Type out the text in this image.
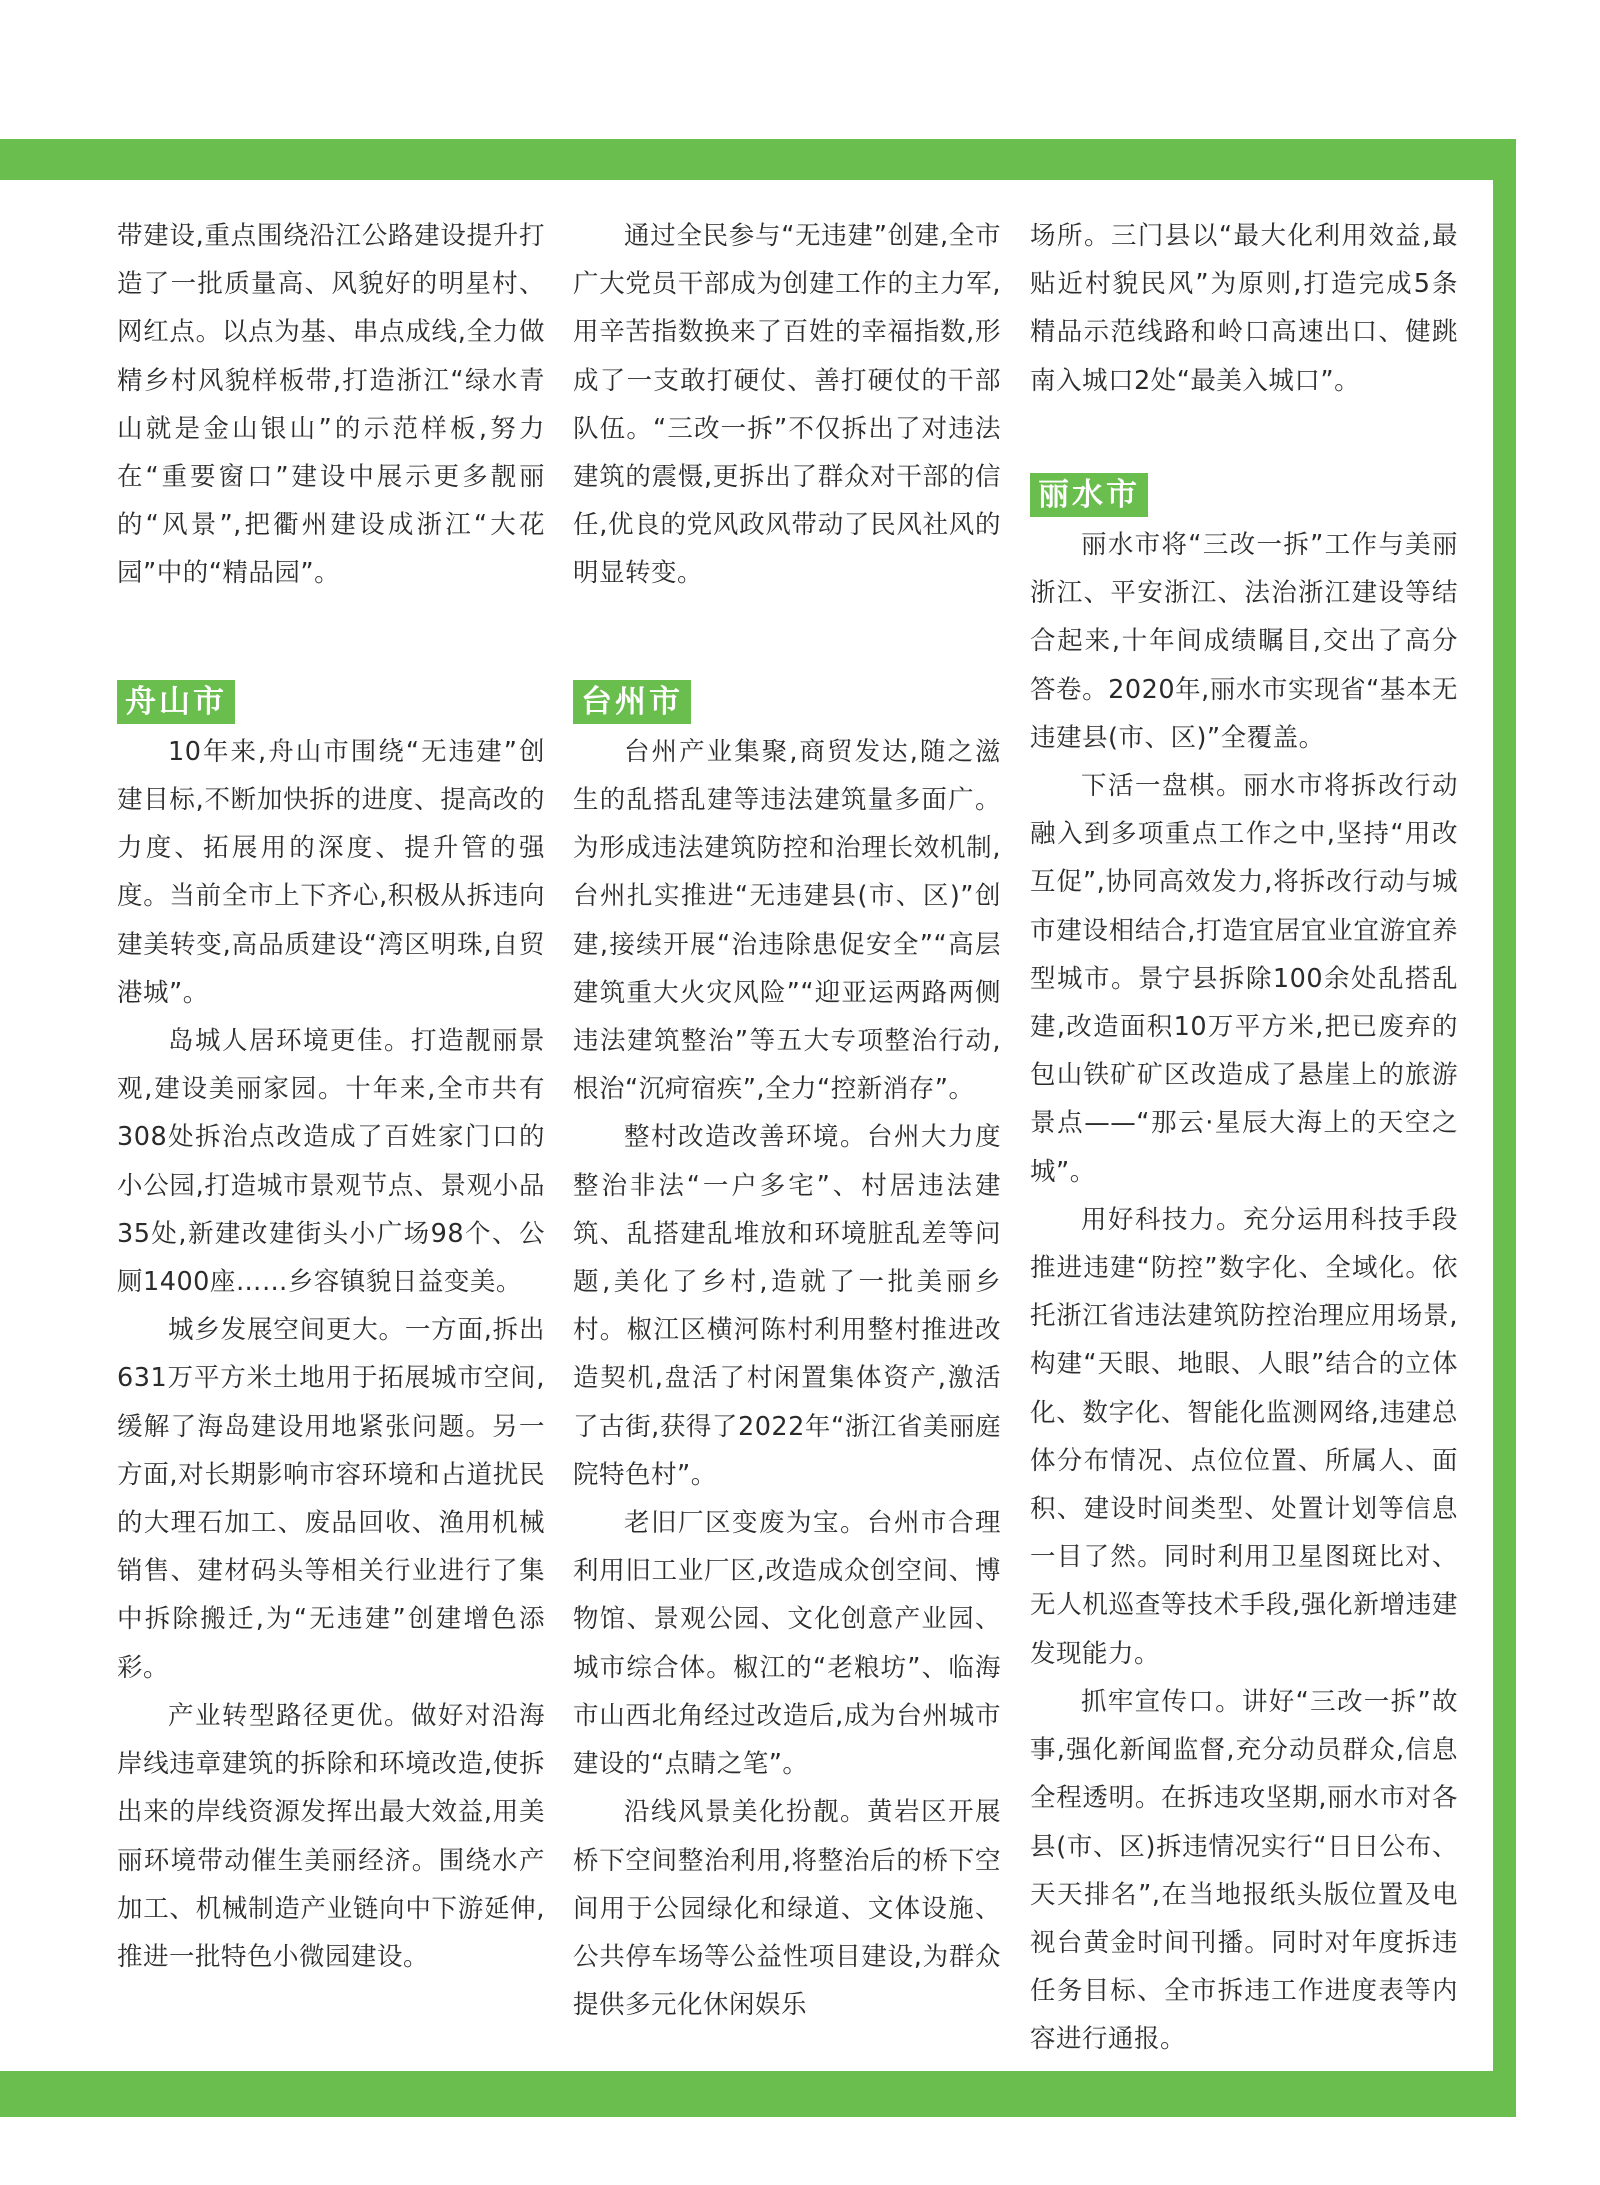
带建设,重点围绕沿江公路建设提升打造了一批质量高、风貌好的明星村、网红点。以点为基、串点成线,全力做精乡村风貌样板带,打造浙江“绿水青山就是金山银山”的示范样板,努力在“重要窗口”建设中展示更多靓丽的“风景”,把衢州建设成浙江“大花园”中的“精品园”。

舟山市

10年来,舟山市围绕“无违建”创建目标,不断加快拆的进度、提高改的力度、拓展用的深度、提升管的强度。当前全市上下齐心,积极从拆违向建美转变,高品质建设“湾区明珠,自贸港城”。

岛城人居环境更佳。打造靓丽景观,建设美丽家园。十年来,全市共有308处拆治点改造成了百姓家门口的小公园,打造城市景观节点、景观小品35处,新建改建街头小广场98个、公厕1400座……乡容镇貌日益变美。

城乡发展空间更大。一方面,拆出631万平方米土地用于拓展城市空间,缓解了海岛建设用地紧张问题。另一方面,对长期影响市容环境和占道扰民的大理石加工、废品回收、渔用机械销售、建材码头等相关行业进行了集中拆除搬迁,为“无违建”创建增色添彩。

产业转型路径更优。做好对沿海岸线违章建筑的拆除和环境改造,使拆出来的岸线资源发挥出最大效益,用美丽环境带动催生美丽经济。围绕水产加工、机械制造产业链向中下游延伸,推进一批特色小微园建设。

通过全民参与“无违建”创建,全市广大党员干部成为创建工作的主力军,用辛苦指数换来了百姓的幸福指数,形成了一支敢打硬仗、善打硬仗的干部队伍。“三改一拆”不仅拆出了对违法建筑的震慑,更拆出了群众对干部的信任,优良的党风政风带动了民风社风的明显转变。

台州市

台州产业集聚,商贸发达,随之滋生的乱搭乱建等违法建筑量多面广。为形成违法建筑防控和治理长效机制,台州扎实推进“无违建县(市、区)”创建,接续开展“治违除患促安全”“高层建筑重大火灾风险”“迎亚运两路两侧违法建筑整治”等五大专项整治行动,根治“沉疴宿疾”,全力“控新消存”。

整村改造改善环境。台州大力度整治非法“一户多宅”、村居违法建筑、乱搭建乱堆放和环境脏乱差等问题,美化了乡村,造就了一批美丽乡村。椒江区横河陈村利用整村推进改造契机,盘活了村闲置集体资产,激活了古街,获得了2022年“浙江省美丽庭院特色村”。

老旧厂区变废为宝。台州市合理利用旧工业厂区,改造成众创空间、博物馆、景观公园、文化创意产业园、城市综合体。椒江的“老粮坊”、临海市山西北角经过改造后,成为台州城市建设的“点睛之笔”。

沿线风景美化扮靓。黄岩区开展桥下空间整治利用,将整治后的桥下空间用于公园绿化和绿道、文体设施、公共停车场等公益性项目建设,为群众提供多元化休闲娱乐

场所。三门县以“最大化利用效益,最贴近村貌民风”为原则,打造完成5条精品示范线路和岭口高速出口、健跳南入城口2处“最美入城口”。

丽水市

丽水市将“三改一拆”工作与美丽浙江、平安浙江、法治浙江建设等结合起来,十年间成绩瞩目,交出了高分答卷。2020年,丽水市实现省“基本无违建县(市、区)”全覆盖。

下活一盘棋。丽水市将拆改行动融入到多项重点工作之中,坚持“用改互促”,协同高效发力,将拆改行动与城市建设相结合,打造宜居宜业宜游宜养型城市。景宁县拆除100余处乱搭乱建,改造面积10万平方米,把已废弃的包山铁矿矿区改造成了悬崖上的旅游景点——“那云·星辰大海上的天空之城”。

用好科技力。充分运用科技手段推进违建“防控”数字化、全域化。依托浙江省违法建筑防控治理应用场景,构建“天眼、地眼、人眼”结合的立体化、数字化、智能化监测网络,违建总体分布情况、点位位置、所属人、面积、建设时间类型、处置计划等信息一目了然。同时利用卫星图斑比对、无人机巡查等技术手段,强化新增违建发现能力。

抓牢宣传口。讲好“三改一拆”故事,强化新闻监督,充分动员群众,信息全程透明。在拆违攻坚期,丽水市对各县(市、区)拆违情况实行“日日公布、天天排名”,在当地报纸头版位置及电视台黄金时间刊播。同时对年度拆违任务目标、全市拆违工作进度表等内容进行通报。
